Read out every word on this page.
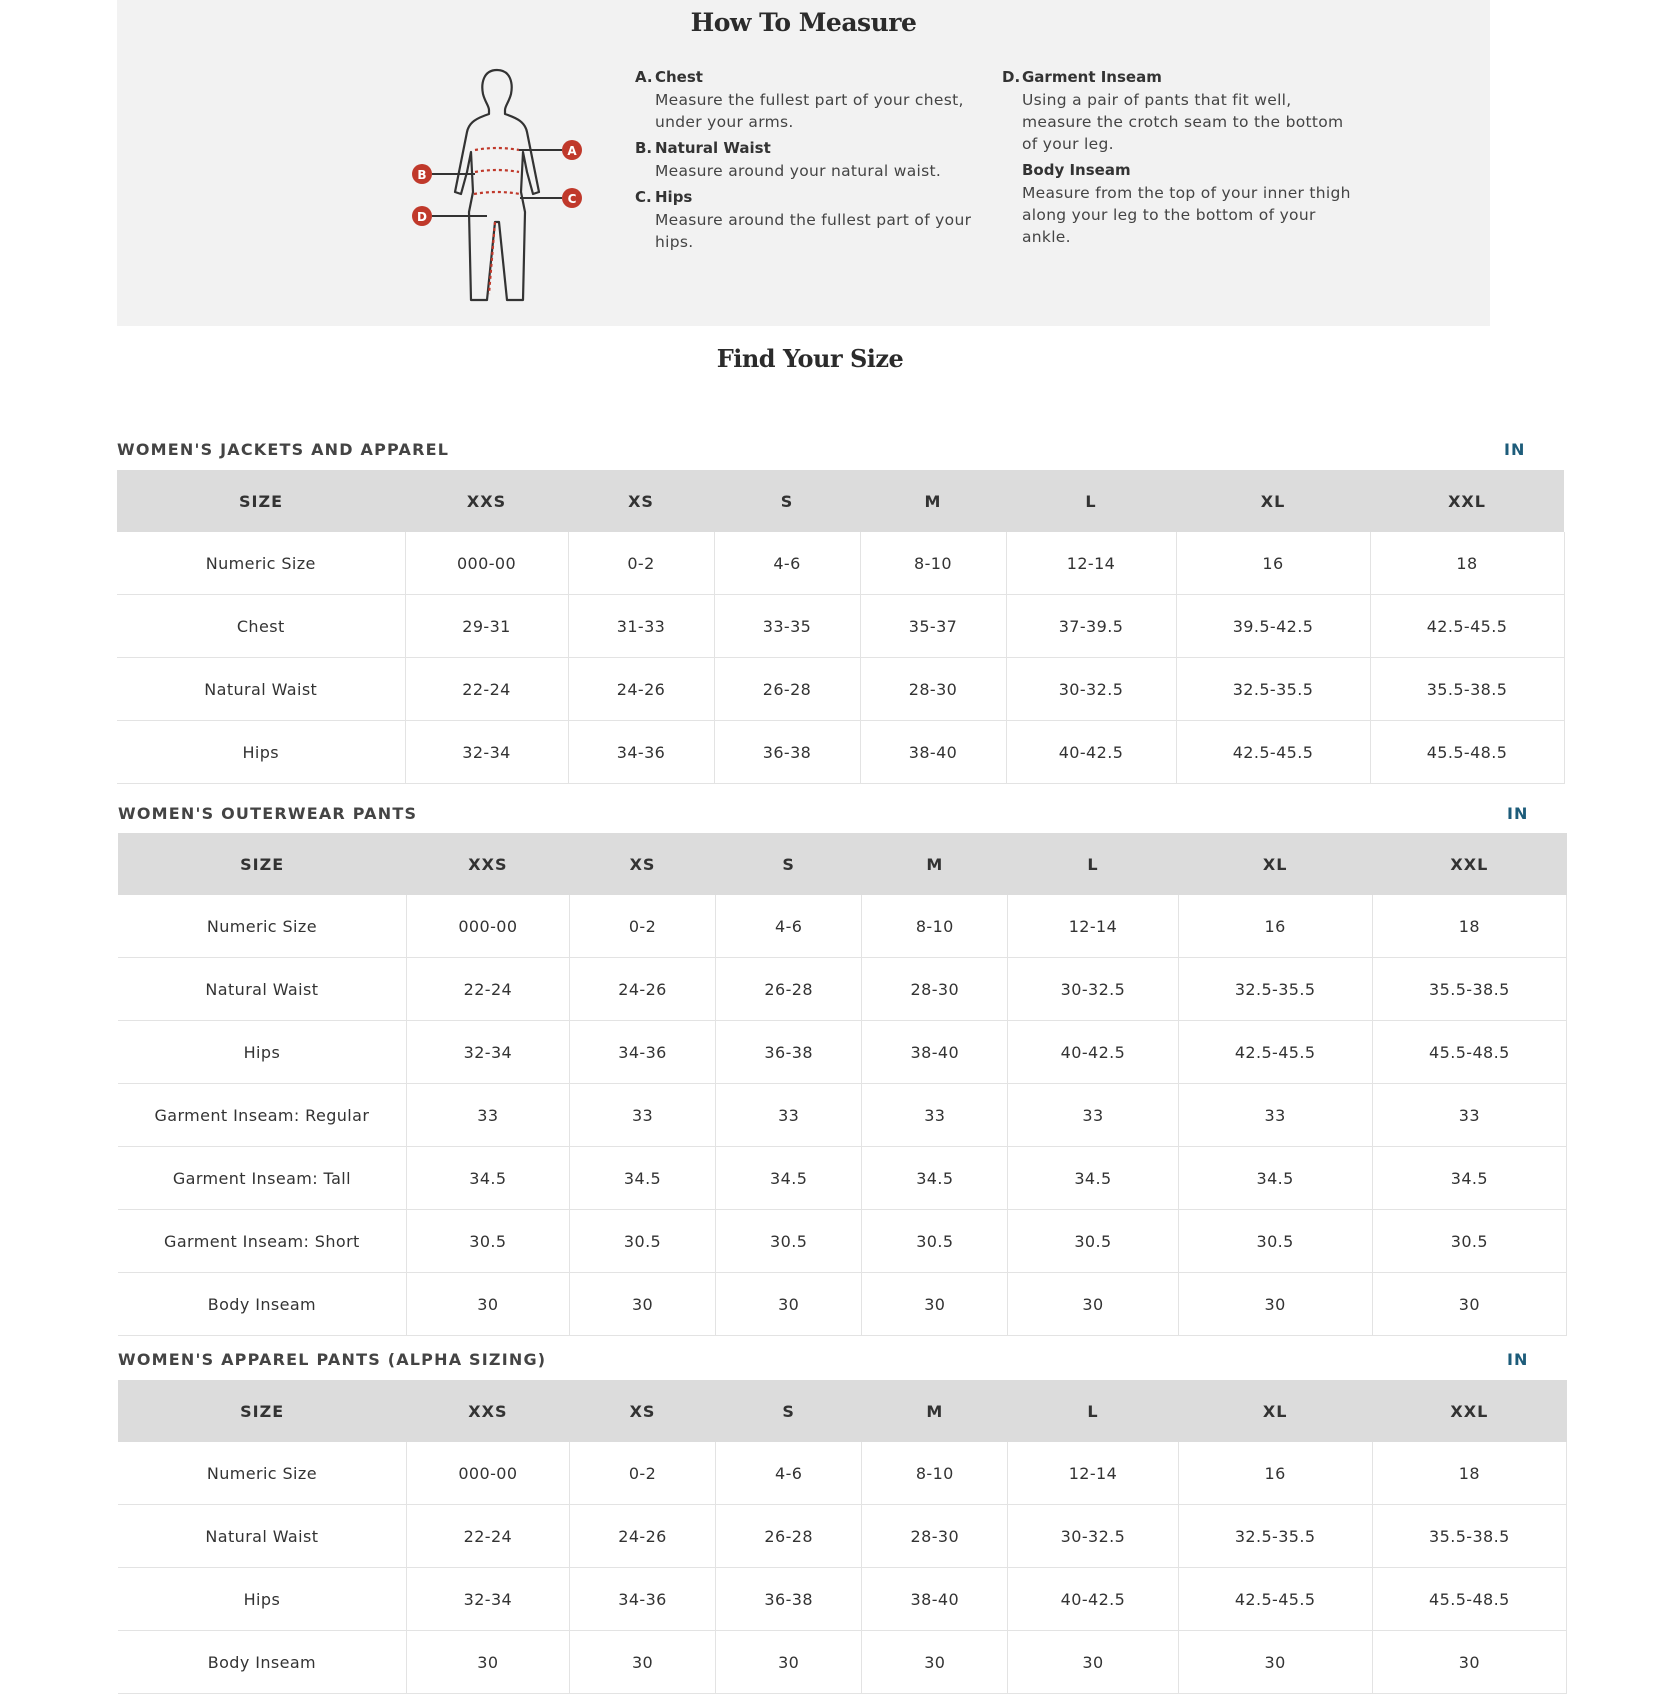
How To Measure
A
B
C
D
A. Chest
Measure the fullest part of your chest, under your arms.
B. Natural Waist
Measure around your natural waist.
C. Hips
Measure around the fullest part of your hips.
D. Garment Inseam
Using a pair of pants that fit well, measure the crotch seam to the bottom of your leg.
Body Inseam
Measure from the top of your inner thigh along your leg to the bottom of your ankle.
Find Your Size
WOMEN'S JACKETS AND APPAREL	IN
SIZE	XXS	XS	S	M	L	XL	XXL
Numeric Size	000-00	0-2	4-6	8-10	12-14	16	18
Chest	29-31	31-33	33-35	35-37	37-39.5	39.5-42.5	42.5-45.5
Natural Waist	22-24	24-26	26-28	28-30	30-32.5	32.5-35.5	35.5-38.5
Hips	32-34	34-36	36-38	38-40	40-42.5	42.5-45.5	45.5-48.5
WOMEN'S OUTERWEAR PANTS	IN
SIZE	XXS	XS	S	M	L	XL	XXL
Numeric Size	000-00	0-2	4-6	8-10	12-14	16	18
Natural Waist	22-24	24-26	26-28	28-30	30-32.5	32.5-35.5	35.5-38.5
Hips	32-34	34-36	36-38	38-40	40-42.5	42.5-45.5	45.5-48.5
Garment Inseam: Regular	33	33	33	33	33	33	33
Garment Inseam: Tall	34.5	34.5	34.5	34.5	34.5	34.5	34.5
Garment Inseam: Short	30.5	30.5	30.5	30.5	30.5	30.5	30.5
Body Inseam	30	30	30	30	30	30	30
WOMEN'S APPAREL PANTS (ALPHA SIZING)	IN
SIZE	XXS	XS	S	M	L	XL	XXL
Numeric Size	000-00	0-2	4-6	8-10	12-14	16	18
Natural Waist	22-24	24-26	26-28	28-30	30-32.5	32.5-35.5	35.5-38.5
Hips	32-34	34-36	36-38	38-40	40-42.5	42.5-45.5	45.5-48.5
Body Inseam	30	30	30	30	30	30	30
